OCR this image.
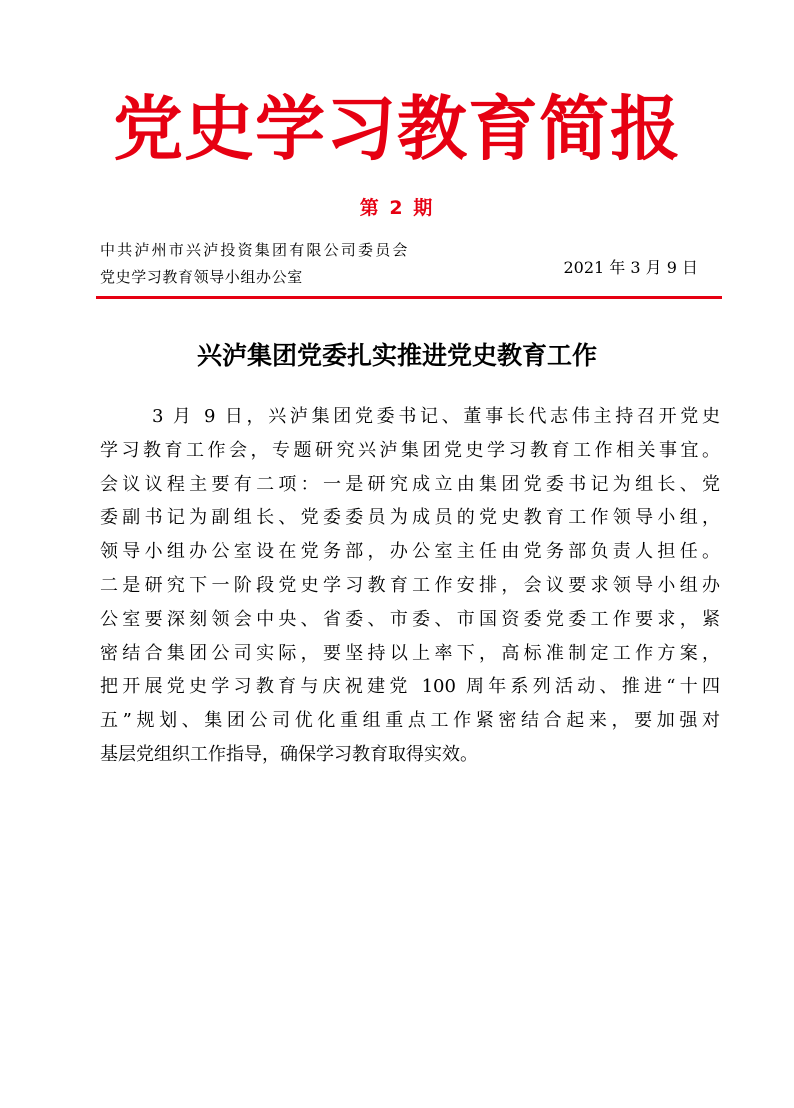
党史学习教育简报
第 2 期
中共泸州市兴泸投资集团有限公司委员会
党史学习教育领导小组办公室	2021 年 3 月 9 日
兴泸集团党委扎实推进党史教育工作
3 月 9 日，兴泸集团党委书记、董事长代志伟主持召开党史
学习教育工作会，专题研究兴泸集团党史学习教育工作相关事宜。
会议议程主要有二项：一是研究成立由集团党委书记为组长、党
委副书记为副组长、党委委员为成员的党史教育工作领导小组，
领导小组办公室设在党务部，办公室主任由党务部负责人担任。
二是研究下一阶段党史学习教育工作安排，会议要求领导小组办
公室要深刻领会中央、省委、市委、市国资委党委工作要求，紧
密结合集团公司实际，要坚持以上率下，高标准制定工作方案，
把开展党史学习教育与庆祝建党 100 周年系列活动、推进“十四
五”规划、集团公司优化重组重点工作紧密结合起来，要加强对
基层党组织工作指导，确保学习教育取得实效。
